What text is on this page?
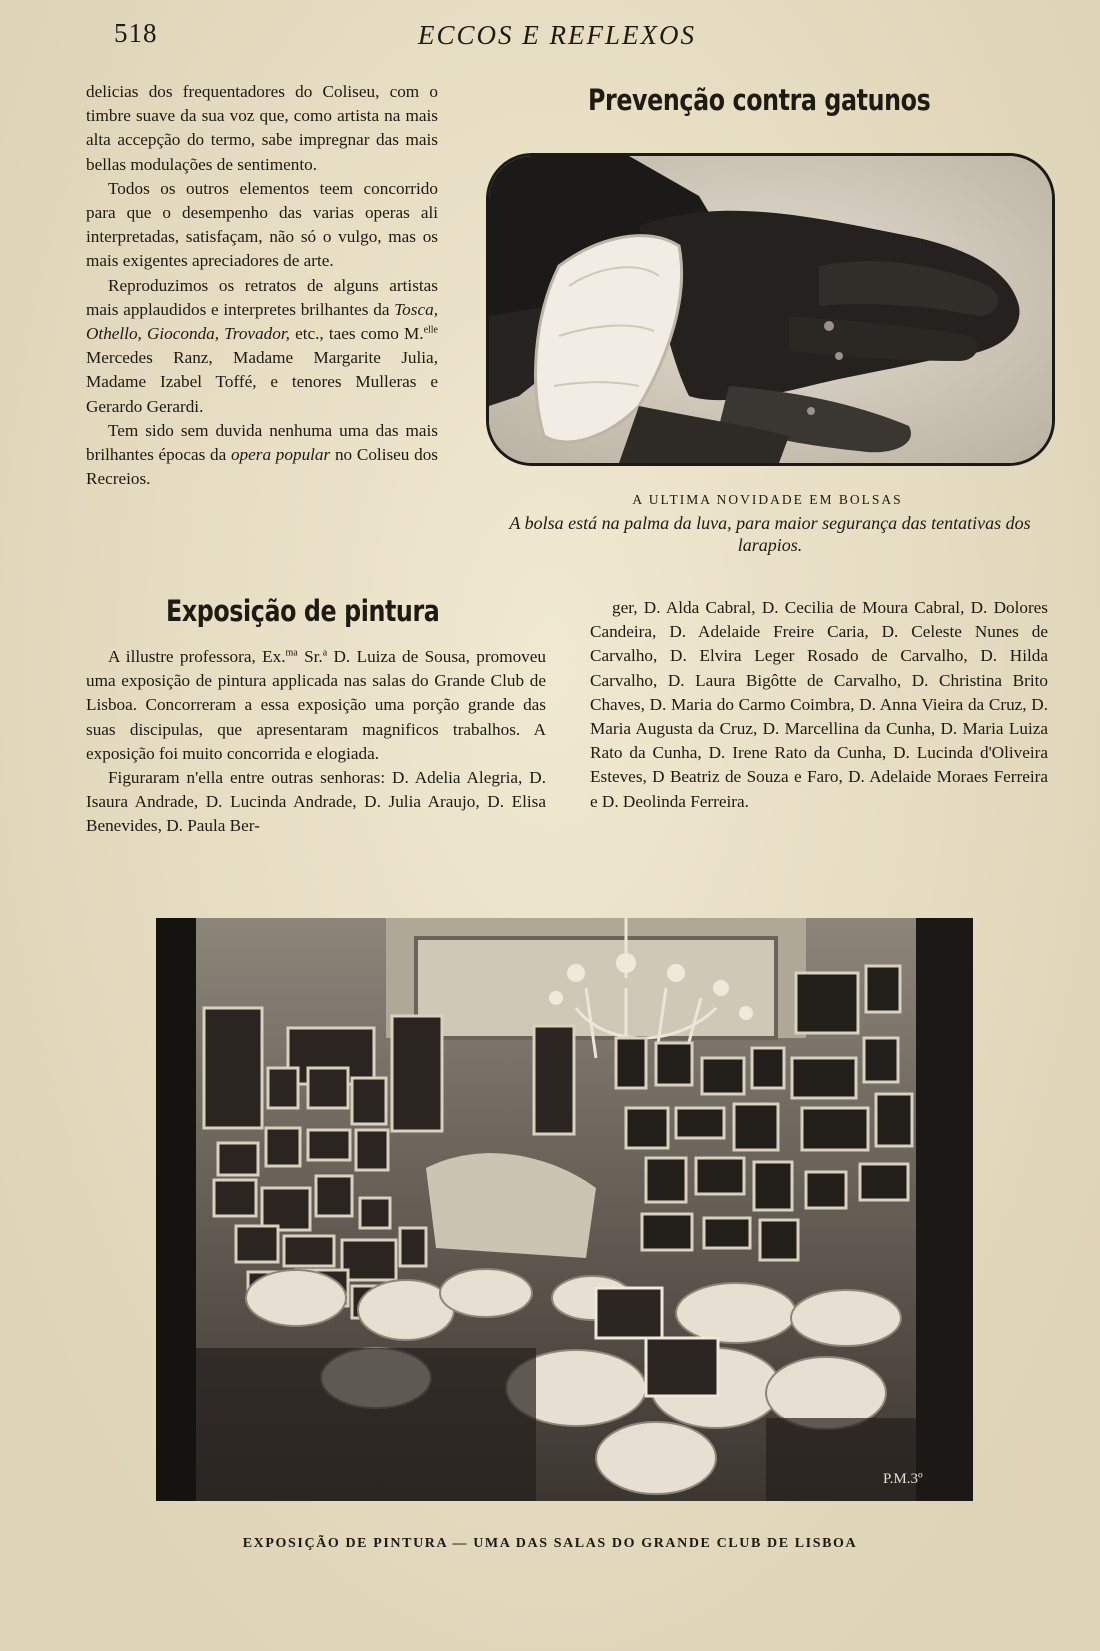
518	ECCOS E REFLEXOS

delicias dos frequentadores do Coliseu, com o timbre suave da sua voz que, como artista na mais alta accepção do termo, sabe impregnar das mais bellas modulações de sentimento.

Todos os outros elementos teem concorrido para que o desempenho das varias operas ali interpretadas, satisfaçam, não só o vulgo, mas os mais exigentes apreciadores de arte.

Reproduzimos os retratos de alguns artistas mais applaudidos e interpretes brilhantes da Tosca, Othello, Gioconda, Trovador, etc., taes como M.$^{elle}$ Mercedes Ranz, Madame Margarite Julia, Madame Izabel Toffé, e tenores Mulleras e Gerardo Gerardi.

Tem sido sem duvida nenhuma uma das mais brilhantes épocas da opera popular no Coliseu dos Recreios.

Prevenção contra gatunos
A ULTIMA NOVIDADE EM BOLSAS
A bolsa está na palma da luva, para maior segurança das tentativas dos larapios.
Exposição de pintura

A illustre professora, Ex.$^{ma}$ Sr.$^a$ D. Luiza de Sousa, promoveu uma exposição de pintura applicada nas salas do Grande Club de Lisboa. Concorreram a essa exposição uma porção grande das suas discipulas, que apresentaram magnificos trabalhos. A exposição foi muito concorrida e elogiada.

Figuraram n'ella entre outras senhoras: D. Adelia Alegria, D. Isaura Andrade, D. Lucinda Andrade, D. Julia Araujo, D. Elisa Benevides, D. Paula Ber-

ger, D. Alda Cabral, D. Cecilia de Moura Cabral, D. Dolores Candeira, D. Adelaide Freire Caria, D. Celeste Nunes de Carvalho, D. Elvira Leger Rosado de Carvalho, D. Hilda Carvalho, D. Laura Bigôtte de Carvalho, D. Christina Brito Chaves, D. Maria do Carmo Coimbra, D. Anna Vieira da Cruz, D. Maria Augusta da Cruz, D. Marcellina da Cunha, D. Maria Luiza Rato da Cunha, D. Irene Rato da Cunha, D. Lucinda d'Oliveira Esteves, D Beatriz de Souza e Faro, D. Adelaide Moraes Ferreira e D. Deolinda Ferreira.

P.M.3º
EXPOSIÇÃO DE PINTURA — UMA DAS SALAS DO GRANDE CLUB DE LISBOA
